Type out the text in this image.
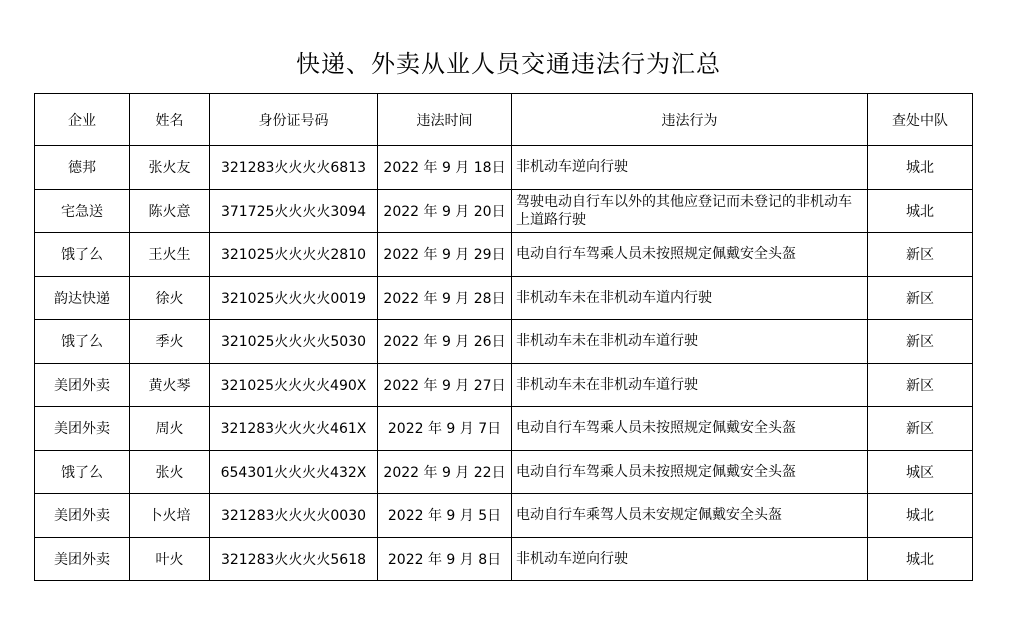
快递、外卖从业人员交通违法行为汇总
企业	姓名	身份证号码	违法时间	违法行为	查处中队
德邦	张火友	321283火火火火6813	2022 年 9 月 18日	非机动车逆向行驶	城北
宅急送	陈火意	371725火火火火3094	2022 年 9 月 20日	驾驶电动自行车以外的其他应登记而未登记的非机动车上道路行驶	城北
饿了么	王火生	321025火火火火2810	2022 年 9 月 29日	电动自行车驾乘人员未按照规定佩戴安全头盔	新区
韵达快递	徐火	321025火火火火0019	2022 年 9 月 28日	非机动车未在非机动车道内行驶	新区
饿了么	季火	321025火火火火5030	2022 年 9 月 26日	非机动车未在非机动车道行驶	新区
美团外卖	黄火琴	321025火火火火490X	2022 年 9 月 27日	非机动车未在非机动车道行驶	新区
美团外卖	周火	321283火火火火461X	2022 年 9 月 7日	电动自行车驾乘人员未按照规定佩戴安全头盔	新区
饿了么	张火	654301火火火火432X	2022 年 9 月 22日	电动自行车驾乘人员未按照规定佩戴安全头盔	城区
美团外卖	卜火培	321283火火火火0030	2022 年 9 月 5日	电动自行车乘驾人员未安规定佩戴安全头盔	城北
美团外卖	叶火	321283火火火火5618	2022 年 9 月 8日	非机动车逆向行驶	城北
